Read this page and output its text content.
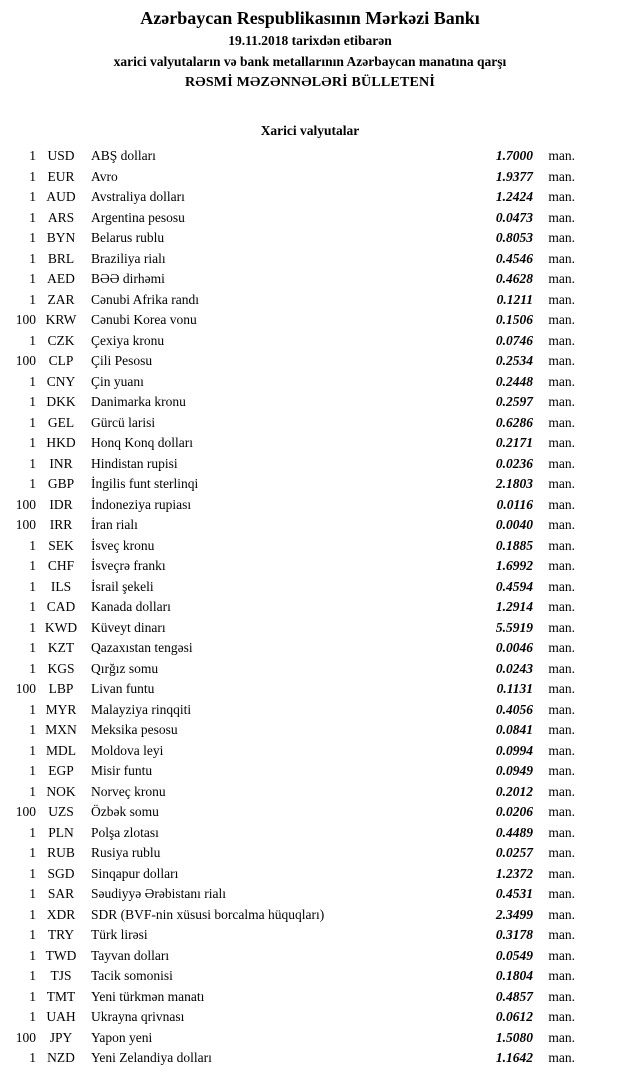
Azərbaycan Respublikasının Mərkəzi Bankı
19.11.2018 tarixdən etibarən
xarici valyutaların və bank metallarının Azərbaycan manatına qarşı
RƏSMİ MƏZƏNNƏLƏRİ BÜLLETENİ
Xarici valyutalar
1 USD	ABŞ dolları	1.7000	man.
1 EUR	Avro	1.9377	man.
1 AUD	Avstraliya dolları	1.2424	man.
1 ARS	Argentina pesosu	0.0473	man.
1 BYN	Belarus rublu	0.8053	man.
1 BRL	Braziliya rialı	0.4546	man.
1 AED	BƏƏ dirhəmi	0.4628	man.
1 ZAR	Cənubi Afrika randı	0.1211	man.
100 KRW	Cənubi Korea vonu	0.1506	man.
1 CZK	Çexiya kronu	0.0746	man.
100 CLP	Çili Pesosu	0.2534	man.
1 CNY	Çin yuanı	0.2448	man.
1 DKK	Danimarka kronu	0.2597	man.
1 GEL	Gürcü larisi	0.6286	man.
1 HKD	Honq Konq dolları	0.2171	man.
1 INR	Hindistan rupisi	0.0236	man.
1 GBP	İngilis funt sterlinqi	2.1803	man.
100 IDR	İndoneziya rupiası	0.0116	man.
100	IRR	İran rialı	0.0040	man.
1 SEK	İsveç kronu	0.1885	man.
1 CHF	İsveçrə frankı	1.6992	man.
1	ILS	İsrail şekeli	0.4594	man.
1 CAD	Kanada dolları	1.2914	man.
1 KWD	Küveyt dinarı	5.5919	man.
1 KZT	Qazaxıstan tengəsi	0.0046	man.
1 KGS	Qırğız somu	0.0243	man.
100 LBP	Livan funtu	0.1131	man.
1 MYR	Malayziya rinqqiti	0.4056	man.
1 MXN	Meksika pesosu	0.0841	man.
1 MDL	Moldova leyi	0.0994	man.
1 EGP	Misir funtu	0.0949	man.
1 NOK	Norveç kronu	0.2012	man.
100 UZS	Özbək somu	0.0206	man.
1 PLN	Polşa zlotası	0.4489	man.
1 RUB	Rusiya rublu	0.0257	man.
1 SGD	Sinqapur dolları	1.2372	man.
1 SAR	Səudiyyə Ərəbistanı rialı	0.4531	man.
1 XDR	SDR (BVF-nin xüsusi borcalma hüquqları)	2.3499	man.
1 TRY	Türk lirəsi	0.3178	man.
1 TWD	Tayvan dolları	0.0549	man.
1	TJS	Tacik somonisi	0.1804	man.
1 TMT	Yeni türkmən manatı	0.4857	man.
1 UAH	Ukrayna qrivnası	0.0612	man.
100	JPY	Yapon yeni	1.5080	man.
1 NZD	Yeni Zelandiya dolları	1.1642	man.
